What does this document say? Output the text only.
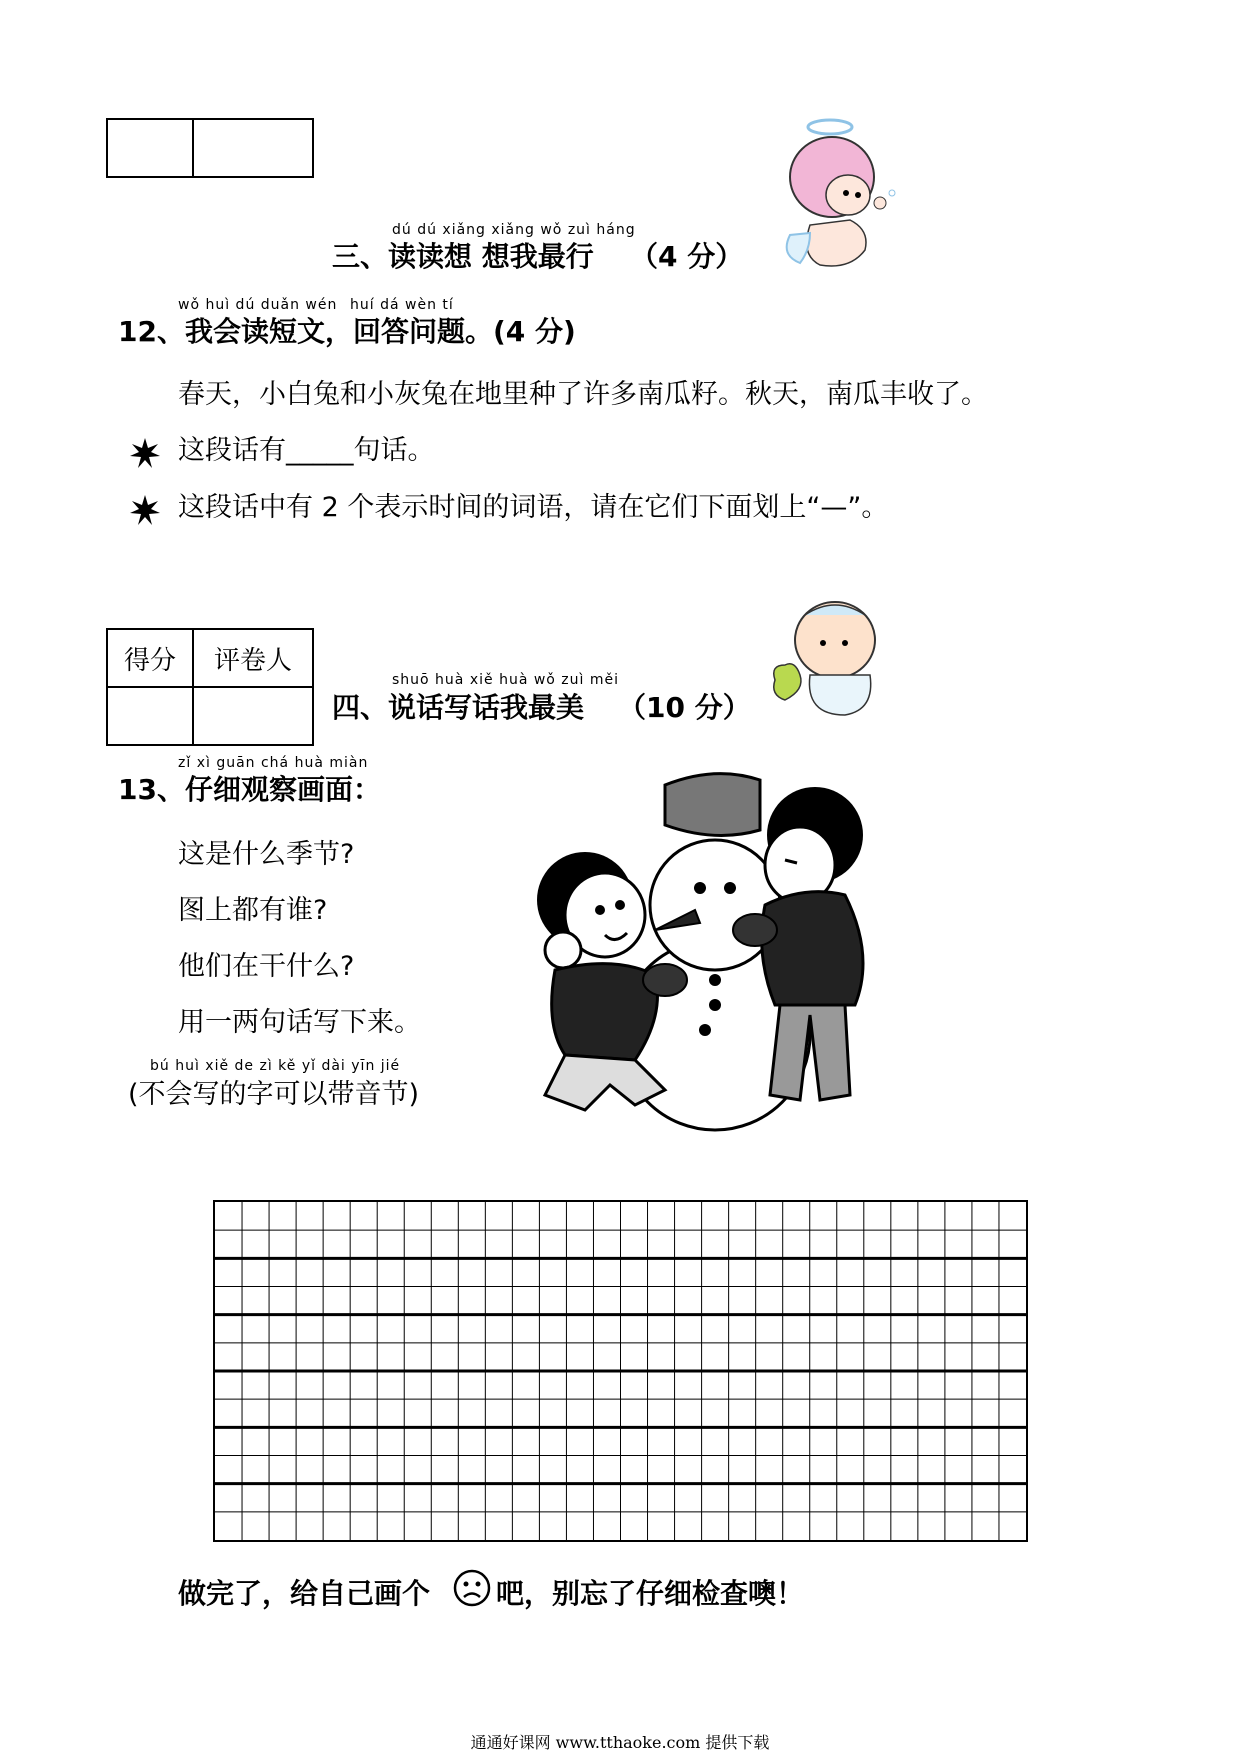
dú dú xiǎng xiǎng wǒ zuì háng
三、读读想 想我最行 （4 分）
wǒ huì dú duǎn wén huí dá wèn tí
12、我会读短文，回答问题。(4 分)
春天，小白兔和小灰兔在地里种了许多南瓜籽。秋天，南瓜丰收了。
这段话有_____句话。
这段话中有 2 个表示时间的词语，请在它们下面划上“—”。
得分	评卷人

shuō huà xiě huà wǒ zuì měi
四、说话写话我最美 （10 分）
zǐ xì guān chá huà miàn
13、仔细观察画面：
这是什么季节?
图上都有谁?
他们在干什么?
用一两句话写下来。
bú huì xiě de zì kě yǐ dài yīn jié
(不会写的字可以带音节)
做完了，给自己画个 吧，别忘了仔细检查噢！
通通好课网 www.tthaoke.com 提供下载
